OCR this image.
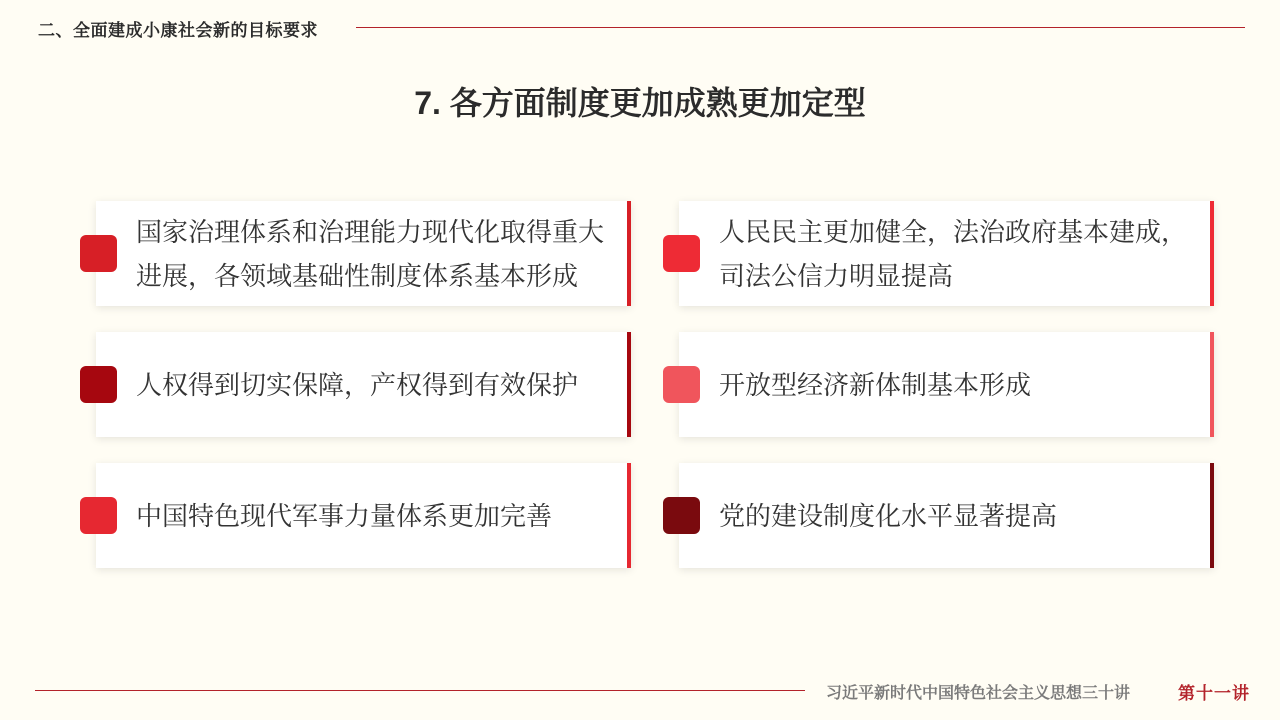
二、全面建成小康社会新的目标要求
7. 各方面制度更加成熟更加定型
国家治理体系和治理能力现代化取得重大进展，各领域基础性制度体系基本形成
人民民主更加健全，法治政府基本建成，司法公信力明显提高
人权得到切实保障，产权得到有效保护	开放型经济新体制基本形成
中国特色现代军事力量体系更加完善	党的建设制度化水平显著提高
习近平新时代中国特色社会主义思想三十讲	第十一讲
